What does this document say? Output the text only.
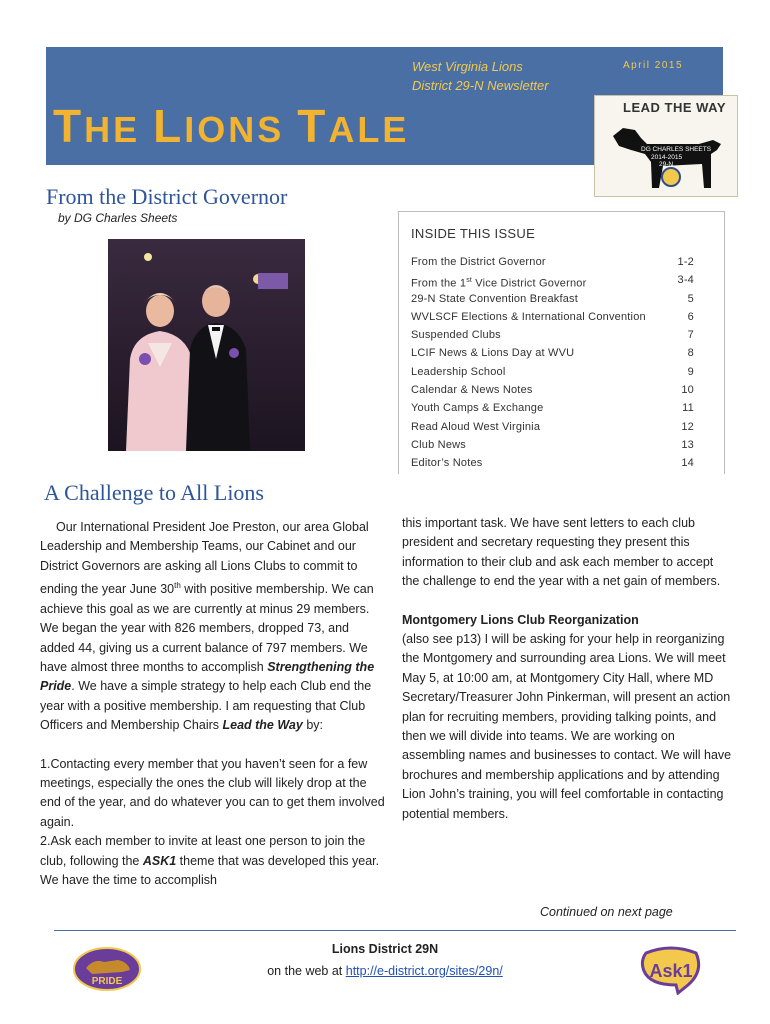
West Virginia Lions
District 29-N Newsletter
April 2015
THE LIONS TALE
LEAD THE WAY
DG CHARLES SHEETS
2014-2015
29-N
From the District Governor
by DG Charles Sheets
INSIDE THIS ISSUE
From the District Governor	1-2
From the 1st Vice District Governor	3-4
29-N State Convention Breakfast	5
WVLSCF Elections & International Convention	6
Suspended Clubs	7
LCIF News & Lions Day at WVU	8
Leadership School	9
Calendar & News Notes	10
Youth Camps & Exchange	11
Read Aloud West Virginia	12
Club News	13
Editor’s Notes	14
A Challenge to All Lions

Our International President Joe Preston, our area Global Leadership and Membership Teams, our Cabinet and our District Governors are asking all Lions Clubs to commit to ending the year June 30th with positive membership. We can achieve this goal as we are currently at minus 29 members. We began the year with 826 members, dropped 73, and added 44, giving us a current balance of 797 members. We have almost three months to accomplish Strengthening the Pride. We have a simple strategy to help each Club end the year with a positive membership. I am requesting that Club Officers and Membership Chairs Lead the Way by:

1.Contacting every member that you haven’t seen for a few meetings, especially the ones the club will likely drop at the end of the year, and do whatever you can to get them involved again.

2.Ask each member to invite at least one person to join the club, following the ASK1 theme that was developed this year. We have the time to accomplish

this important task. We have sent letters to each club president and secretary requesting they present this information to their club and ask each member to accept the challenge to end the year with a net gain of members.

Montgomery Lions Club Reorganization

(also see p13) I will be asking for your help in reorganizing the Montgomery and surrounding area Lions. We will meet May 5, at 10:00 am, at Montgomery City Hall, where MD Secretary/Treasurer John Pinkerman, will present an action plan for recruiting members, providing talking points, and then we will divide into teams. We are working on assembling names and businesses to contact. We will have brochures and membership applications and by attending Lion John’s training, you will feel comfortable in contacting potential members.

Continued on next page
PRIDE
Lions District 29N
on the web at http://e-district.org/sites/29n/	Ask1
